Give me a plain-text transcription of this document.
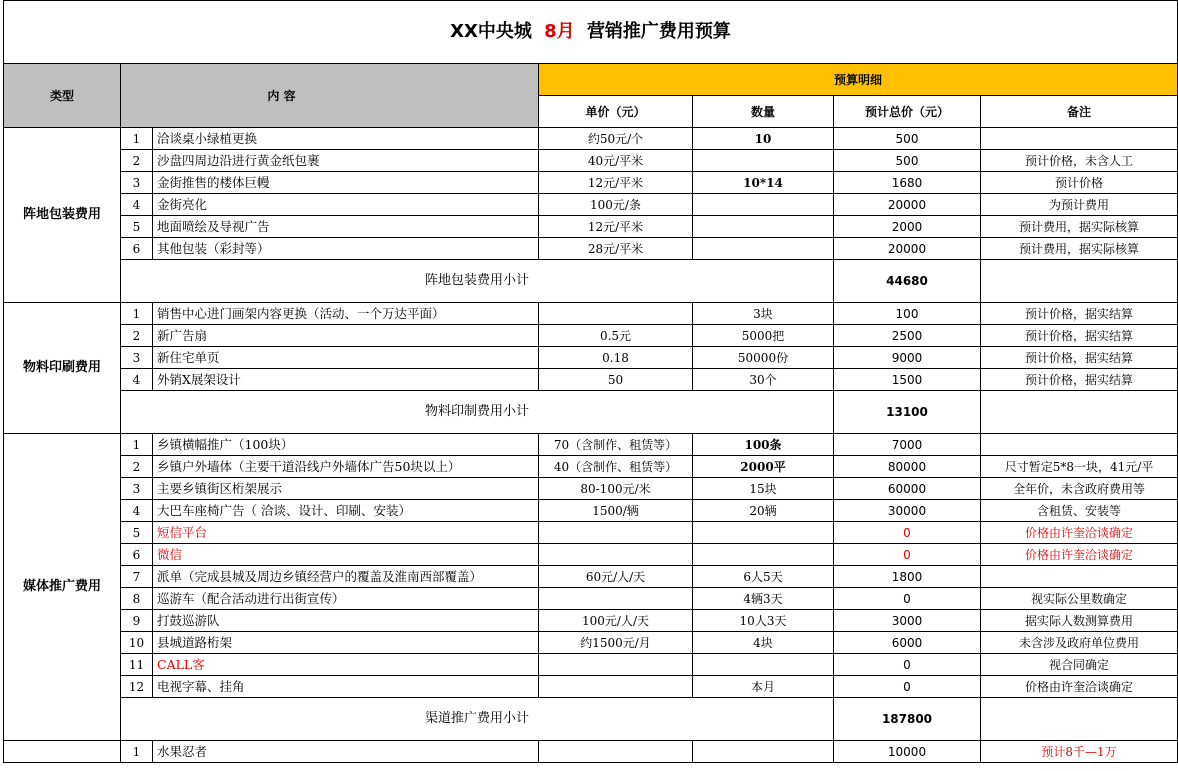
XX中央城 8月 营销推广费用预算						
类型	内 容		预算明细			
			单价（元）	数量	预计总价（元）	备注
阵地包装费用	1	洽谈桌小绿植更换	约50元/个	10	500	
	2	沙盘四周边沿进行黄金纸包裹	40元/平米		500	预计价格，未含人工
	3	金街推售的楼体巨幔	12元/平米	10*14	1680	预计价格
	4	金街亮化	100元/条		20000	为预计费用
	5	地面喷绘及导视广告	12元/平米		2000	预计费用，据实际核算
	6	其他包装（彩封等）	28元/平米		20000	预计费用，据实际核算
	阵地包装费用小计				44680	
物料印刷费用	1	销售中心进门画架内容更换（活动、一个万达平面）		3块	100	预计价格，据实结算
	2	新广告扇	0.5元	5000把	2500	预计价格，据实结算
	3	新住宅单页	0.18	50000份	9000	预计价格，据实结算
	4	外销X展架设计	50	30个	1500	预计价格，据实结算
	物料印制费用小计				13100	
媒体推广费用	1	乡镇横幅推广（100块）	70（含制作、租赁等）	100条	7000	
	2	乡镇户外墙体（主要干道沿线户外墙体广告50块以上）	40（含制作、租赁等）	2000平	80000	尺寸暂定5*8一块，41元/平
	3	主要乡镇街区桁架展示	80-100元/米	15块	60000	全年价，未含政府费用等
	4	大巴车座椅广告（ 洽谈、设计、印刷、安装）	1500/辆	20辆	30000	含租赁、安装等
	5	短信平台			0	价格由许奎洽谈确定
	6	微信			0	价格由许奎洽谈确定
	7	派单（完成县城及周边乡镇经营户的覆盖及淮南西部覆盖）	60元/人/天	6人5天	1800	
	8	巡游车（配合活动进行出街宣传）		4辆3天	0	视实际公里数确定
	9	打鼓巡游队	100元/人/天	10人3天	3000	据实际人数测算费用
	10	县城道路桁架	约1500元/月	4块	6000	未含涉及政府单位费用
	11	CALL客			0	视合同确定
	12	电视字幕、挂角		本月	0	价格由许奎洽谈确定
	渠道推广费用小计				187800	
	1	水果忍者			10000	预计8千—1万
